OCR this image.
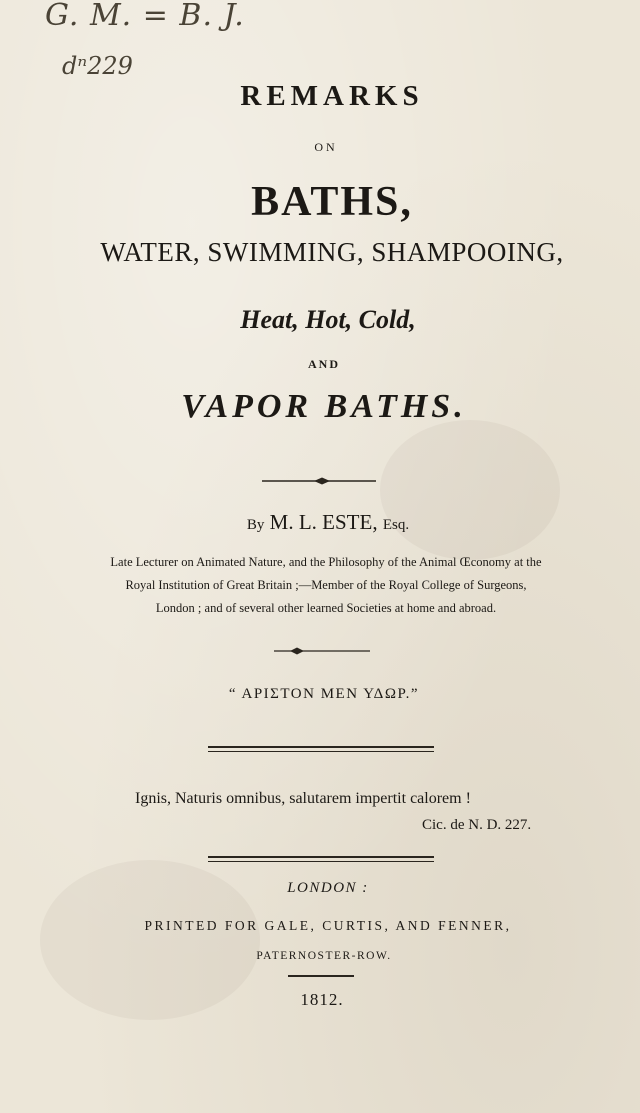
G. M. = B. J.
dⁿ229
REMARKS
ON
BATHS,
WATER, SWIMMING, SHAMPOOING,
Heat, Hot, Cold,
AND
VAPOR BATHS.
By M. L. ESTE, Esq.
Late Lecturer on Animated Nature, and the Philosophy of the Animal Œconomy at the
Royal Institution of Great Britain ;—Member of the Royal College of Surgeons,
London ; and of several other learned Societies at home and abroad.
“ ΑΡΙΣΤΟΝ ΜΕΝ ΥΔΩΡ.”
Ignis, Naturis omnibus, salutarem impertit calorem !
Cic. de N. D. 227.
LONDON :
PRINTED FOR GALE, CURTIS, AND FENNER,
PATERNOSTER-ROW.
1812.
